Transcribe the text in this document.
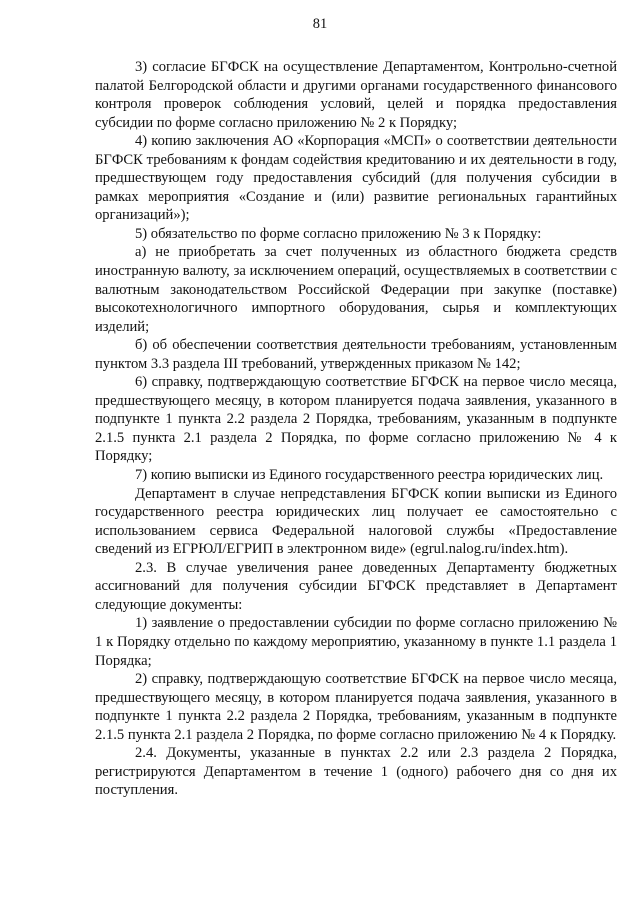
81

3) согласие БГФСК на осуществление Департаментом, Контрольно-счетной палатой Белгородской области и другими органами государственного финансового контроля проверок соблюдения условий, целей и порядка предоставления субсидии по форме согласно приложению № 2 к Порядку;

4) копию заключения АО «Корпорация «МСП» о соответствии деятельности БГФСК требованиям к фондам содействия кредитованию и их деятельности в году, предшествующем году предоставления субсидий (для получения субсидии в рамках мероприятия «Создание и (или) развитие региональных гарантийных организаций»);

5) обязательство по форме согласно приложению № 3 к Порядку:

а) не приобретать за счет полученных из областного бюджета средств иностранную валюту, за исключением операций, осуществляемых в соответствии с валютным законодательством Российской Федерации при закупке (поставке) высокотехнологичного импортного оборудования, сырья и комплектующих изделий;

б) об обеспечении соответствия деятельности требованиям, установленным пунктом 3.3 раздела III требований, утвержденных приказом № 142;

6) справку, подтверждающую соответствие БГФСК на первое число месяца, предшествующего месяцу, в котором планируется подача заявления, указанного в подпункте 1 пункта 2.2 раздела 2 Порядка, требованиям, указанным в подпункте 2.1.5 пункта 2.1 раздела 2 Порядка, по форме согласно приложению № 4 к Порядку;

7) копию выписки из Единого государственного реестра юридических лиц.

Департамент в случае непредставления БГФСК копии выписки из Единого государственного реестра юридических лиц получает ее самостоятельно с использованием сервиса Федеральной налоговой службы «Предоставление сведений из ЕГРЮЛ/ЕГРИП в электронном виде» (egrul.nalog.ru/index.htm).

2.3. В случае увеличения ранее доведенных Департаменту бюджетных ассигнований для получения субсидии БГФСК представляет в Департамент следующие документы:

1) заявление о предоставлении субсидии по форме согласно приложению № 1 к Порядку отдельно по каждому мероприятию, указанному в пункте 1.1 раздела 1 Порядка;

2) справку, подтверждающую соответствие БГФСК на первое число месяца, предшествующего месяцу, в котором планируется подача заявления, указанного в подпункте 1 пункта 2.2 раздела 2 Порядка, требованиям, указанным в подпункте 2.1.5 пункта 2.1 раздела 2 Порядка, по форме согласно приложению № 4 к Порядку.

2.4. Документы, указанные в пунктах 2.2 или 2.3 раздела 2 Порядка, регистрируются Департаментом в течение 1 (одного) рабочего дня со дня их поступления.
